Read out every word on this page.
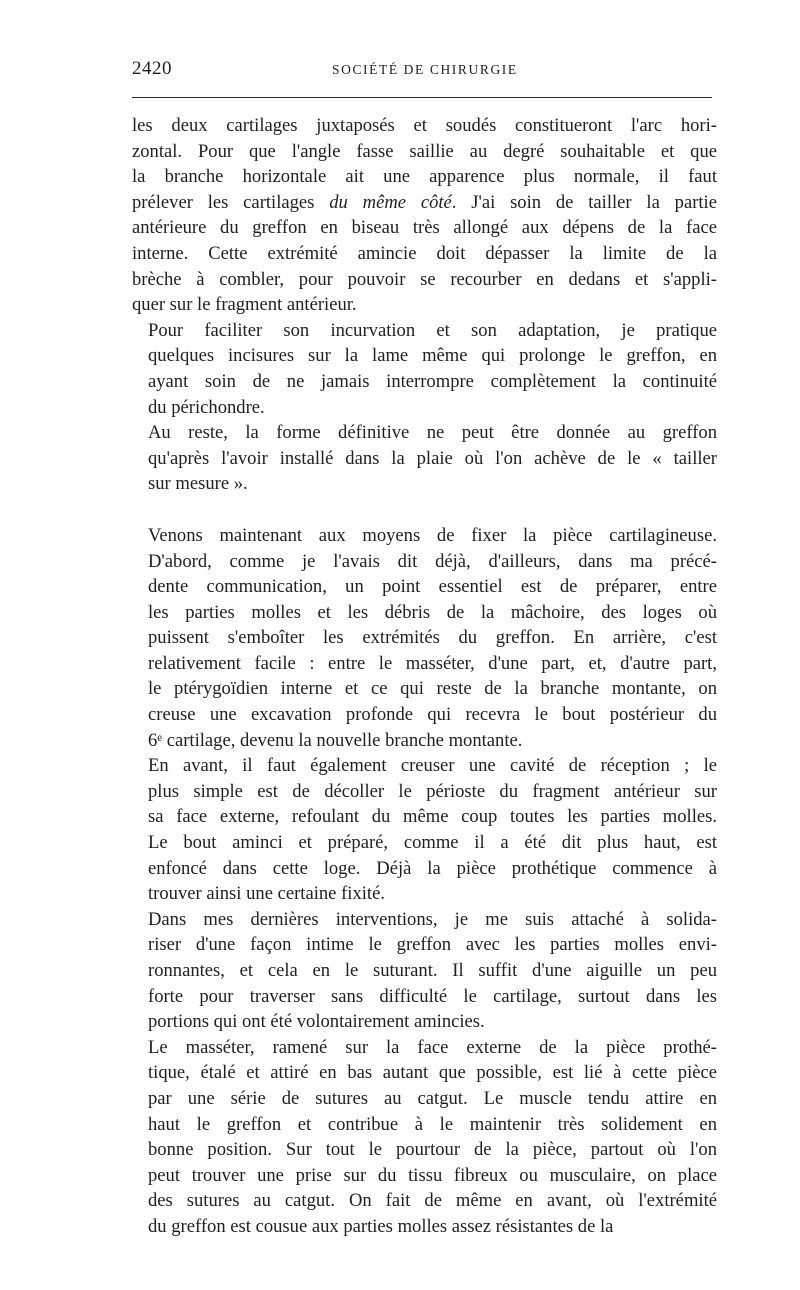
2420	SOCIÉTÉ DE CHIRURGIE

les deux cartilages juxtaposés et soudés constitueront l'arc hori-
zontal. Pour que l'angle fasse saillie au degré souhaitable et que
la branche horizontale ait une apparence plus normale, il faut
prélever les cartilages du même côté. J'ai soin de tailler la partie
antérieure du greffon en biseau très allongé aux dépens de la face
interne. Cette extrémité amincie doit dépasser la limite de la
brèche à combler, pour pouvoir se recourber en dedans et s'appli-
quer sur le fragment antérieur.

Pour faciliter son incurvation et son adaptation, je pratique
quelques incisures sur la lame même qui prolonge le greffon, en
ayant soin de ne jamais interrompre complètement la continuité
du périchondre.

Au reste, la forme définitive ne peut être donnée au greffon
qu'après l'avoir installé dans la plaie où l'on achève de le « tailler
sur mesure ».

Venons maintenant aux moyens de fixer la pièce cartilagineuse.
D'abord, comme je l'avais dit déjà, d'ailleurs, dans ma précé-
dente communication, un point essentiel est de préparer, entre
les parties molles et les débris de la mâchoire, des loges où
puissent s'emboîter les extrémités du greffon. En arrière, c'est
relativement facile : entre le masséter, d'une part, et, d'autre part,
le ptérygoïdien interne et ce qui reste de la branche montante, on
creuse une excavation profonde qui recevra le bout postérieur du
6ᵉ cartilage, devenu la nouvelle branche montante.

En avant, il faut également creuser une cavité de réception ; le
plus simple est de décoller le périoste du fragment antérieur sur
sa face externe, refoulant du même coup toutes les parties molles.
Le bout aminci et préparé, comme il a été dit plus haut, est
enfoncé dans cette loge. Déjà la pièce prothétique commence à
trouver ainsi une certaine fixité.

Dans mes dernières interventions, je me suis attaché à solida-
riser d'une façon intime le greffon avec les parties molles envi-
ronnantes, et cela en le suturant. Il suffit d'une aiguille un peu
forte pour traverser sans difficulté le cartilage, surtout dans les
portions qui ont été volontairement amincies.

Le masséter, ramené sur la face externe de la pièce prothé-
tique, étalé et attiré en bas autant que possible, est lié à cette pièce
par une série de sutures au catgut. Le muscle tendu attire en
haut le greffon et contribue à le maintenir très solidement en
bonne position. Sur tout le pourtour de la pièce, partout où l'on
peut trouver une prise sur du tissu fibreux ou musculaire, on place
des sutures au catgut. On fait de même en avant, où l'extrémité
du greffon est cousue aux parties molles assez résistantes de la
